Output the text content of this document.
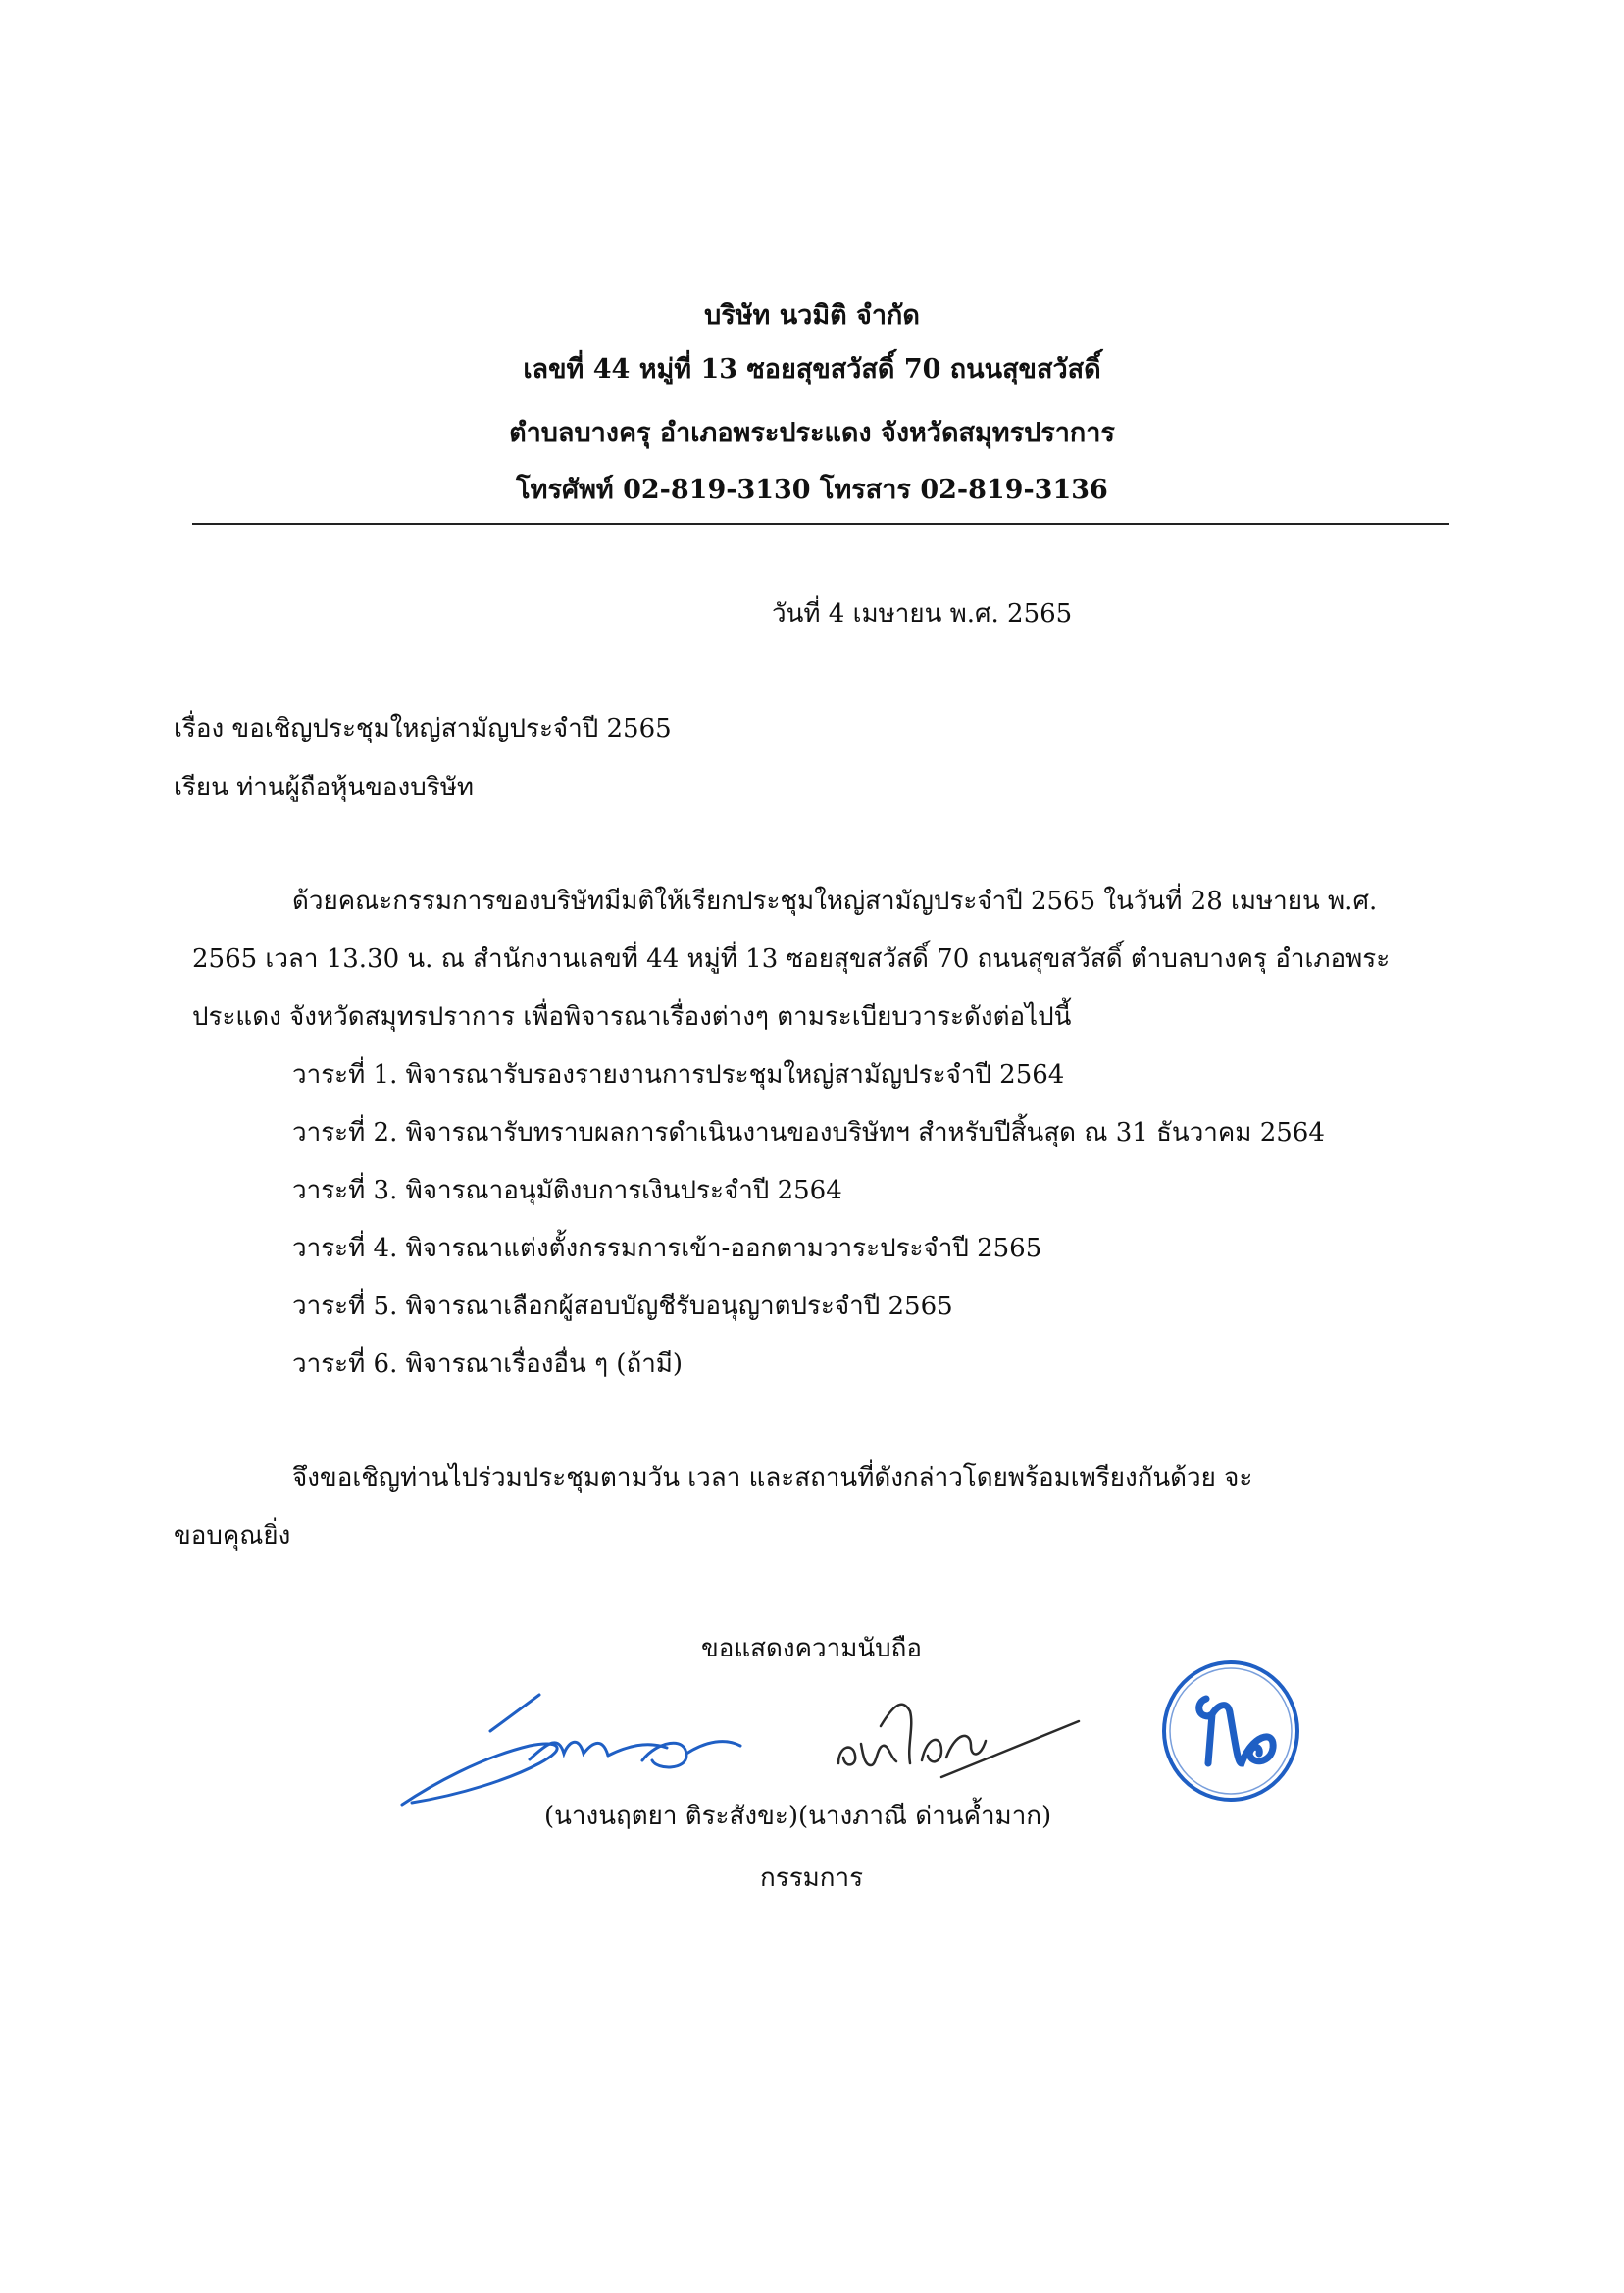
บริษัท นวมิติ จำกัด
เลขที่ 44 หมู่ที่ 13 ซอยสุขสวัสดิ์ 70 ถนนสุขสวัสดิ์
ตำบลบางครุ อำเภอพระประแดง จังหวัดสมุทรปราการ
โทรศัพท์ 02-819-3130 โทรสาร 02-819-3136
วันที่ 4 เมษายน พ.ศ. 2565
เรื่อง ขอเชิญประชุมใหญ่สามัญประจำปี 2565
เรียน ท่านผู้ถือหุ้นของบริษัท
ด้วยคณะกรรมการของบริษัทมีมติให้เรียกประชุมใหญ่สามัญประจำปี 2565 ในวันที่ 28 เมษายน พ.ศ.
2565 เวลา 13.30 น. ณ สำนักงานเลขที่ 44 หมู่ที่ 13 ซอยสุขสวัสดิ์ 70 ถนนสุขสวัสดิ์ ตำบลบางครุ อำเภอพระ
ประแดง จังหวัดสมุทรปราการ เพื่อพิจารณาเรื่องต่างๆ ตามระเบียบวาระดังต่อไปนี้
วาระที่ 1. พิจารณารับรองรายงานการประชุมใหญ่สามัญประจำปี 2564
วาระที่ 2. พิจารณารับทราบผลการดำเนินงานของบริษัทฯ สำหรับปีสิ้นสุด ณ 31 ธันวาคม 2564
วาระที่ 3. พิจารณาอนุมัติงบการเงินประจำปี 2564
วาระที่ 4. พิจารณาแต่งตั้งกรรมการเข้า-ออกตามวาระประจำปี 2565
วาระที่ 5. พิจารณาเลือกผู้สอบบัญชีรับอนุญาตประจำปี 2565
วาระที่ 6. พิจารณาเรื่องอื่น ๆ (ถ้ามี)
จึงขอเชิญท่านไปร่วมประชุมตามวัน เวลา และสถานที่ดังกล่าวโดยพร้อมเพรียงกันด้วย จะ
ขอบคุณยิ่ง
ขอแสดงความนับถือ
(นางนฤตยา ติระสังขะ)(นางภาณี ด่านค้ำมาก)
กรรมการ
